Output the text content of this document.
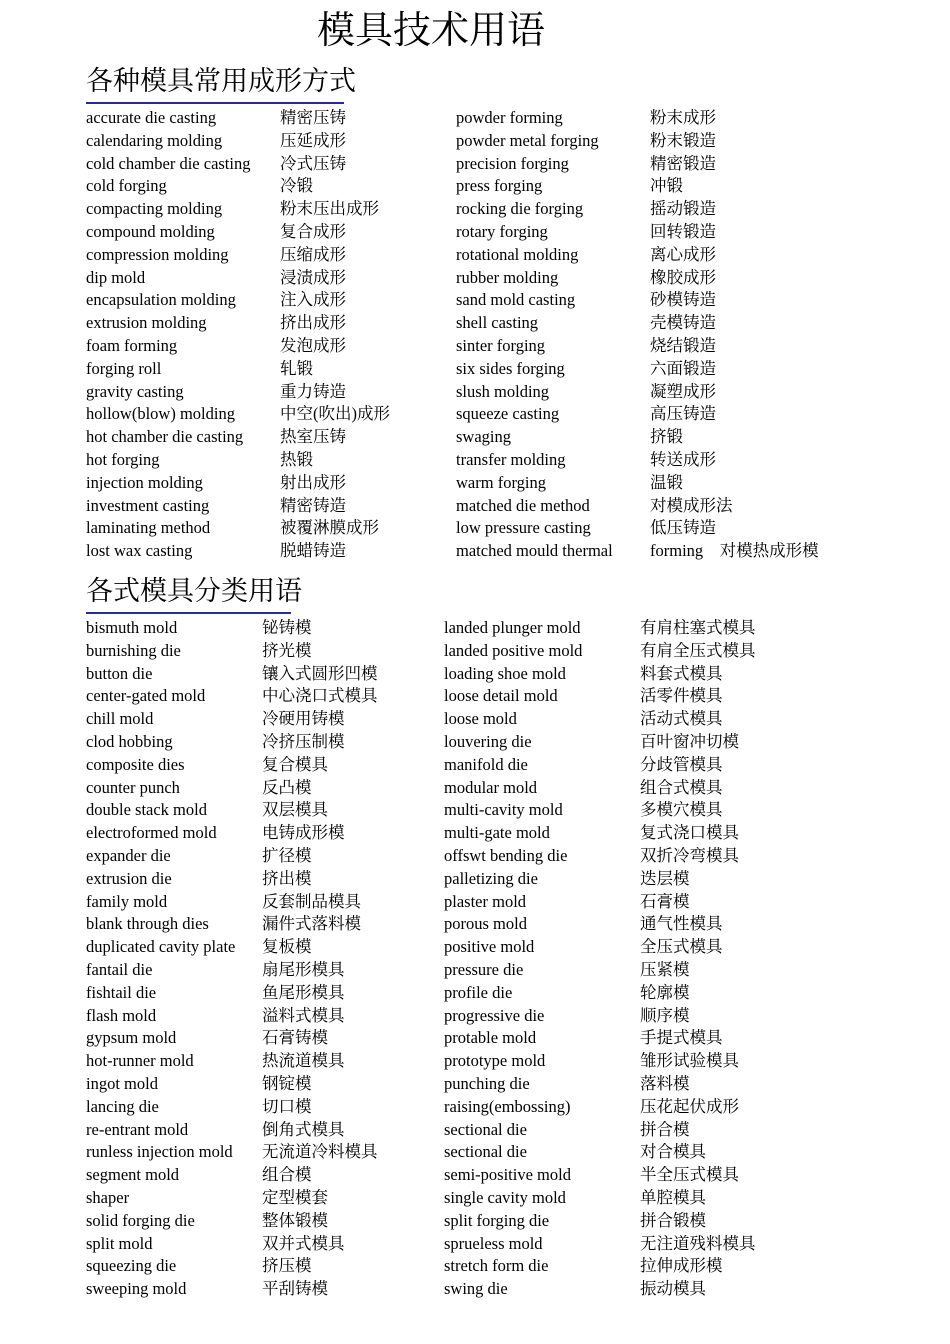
模具技术用语
各种模具常用成形方式
accurate die casting	精密压铸	powder forming	粉末成形
calendaring molding	压延成形	powder metal forging	粉末锻造
cold chamber die casting 冷式压铸	precision forging	精密锻造
cold forging	冷锻	press forging	冲锻
compacting molding	粉末压出成形	rocking die forging	摇动锻造
compound molding	复合成形	rotary forging	回转锻造
compression molding	压缩成形	rotational molding	离心成形
dip mold	浸渍成形	rubber molding	橡胶成形
encapsulation molding	注入成形	sand mold casting	砂模铸造
extrusion molding	挤出成形	shell casting	壳模铸造
foam forming	发泡成形	sinter forging	烧结锻造
forging roll	轧锻	six sides forging	六面锻造
gravity casting	重力铸造	slush molding	凝塑成形
hollow(blow) molding	中空(吹出)成形	squeeze casting	高压铸造
hot chamber die casting 热室压铸	swaging	挤锻
hot forging	热锻	transfer molding	转送成形
injection molding	射出成形	warm forging	温锻
investment casting	精密铸造	matched die method	对模成形法
laminating method	被覆淋膜成形	low pressure casting	低压铸造
lost wax casting	脱蜡铸造	matched mould thermal forming　对模热成形模
各式模具分类用语
bismuth mold	铋铸模	landed plunger mold	有肩柱塞式模具
burnishing die	挤光模	landed positive mold	有肩全压式模具
button die	镶入式圆形凹模	loading shoe mold	料套式模具
center-gated mold	中心浇口式模具	loose detail mold	活零件模具
chill mold	冷硬用铸模	loose mold	活动式模具
clod hobbing	冷挤压制模	louvering die	百叶窗冲切模
composite dies	复合模具	manifold die	分歧管模具
counter punch	反凸模	modular mold	组合式模具
double stack mold	双层模具	multi-cavity mold	多模穴模具
electroformed mold	电铸成形模	multi-gate mold	复式浇口模具
expander die	扩径模	offswt bending die	双折冷弯模具
extrusion die	挤出模	palletizing die	迭层模
family mold	反套制品模具	plaster mold	石膏模
blank through dies	漏件式落料模	porous mold	通气性模具
duplicated cavity plate 复板模	positive mold	全压式模具
fantail die	扇尾形模具	pressure die	压紧模
fishtail die	鱼尾形模具	profile die	轮廓模
flash mold	溢料式模具	progressive die	顺序模
gypsum mold	石膏铸模	protable mold	手提式模具
hot-runner mold	热流道模具	prototype mold	雏形试验模具
ingot mold	钢锭模	punching die	落料模
lancing die	切口模	raising(embossing)	压花起伏成形
re-entrant mold	倒角式模具	sectional die	拼合模
runless injection mold 无流道冷料模具	sectional die	对合模具
segment mold	组合模	semi-positive mold	半全压式模具
shaper	定型模套	single cavity mold	单腔模具
solid forging die	整体锻模	split forging die	拼合锻模
split mold	双并式模具	sprueless mold	无注道残料模具
squeezing die	挤压模	stretch form die	拉伸成形模
sweeping mold	平刮铸模	swing die	振动模具
